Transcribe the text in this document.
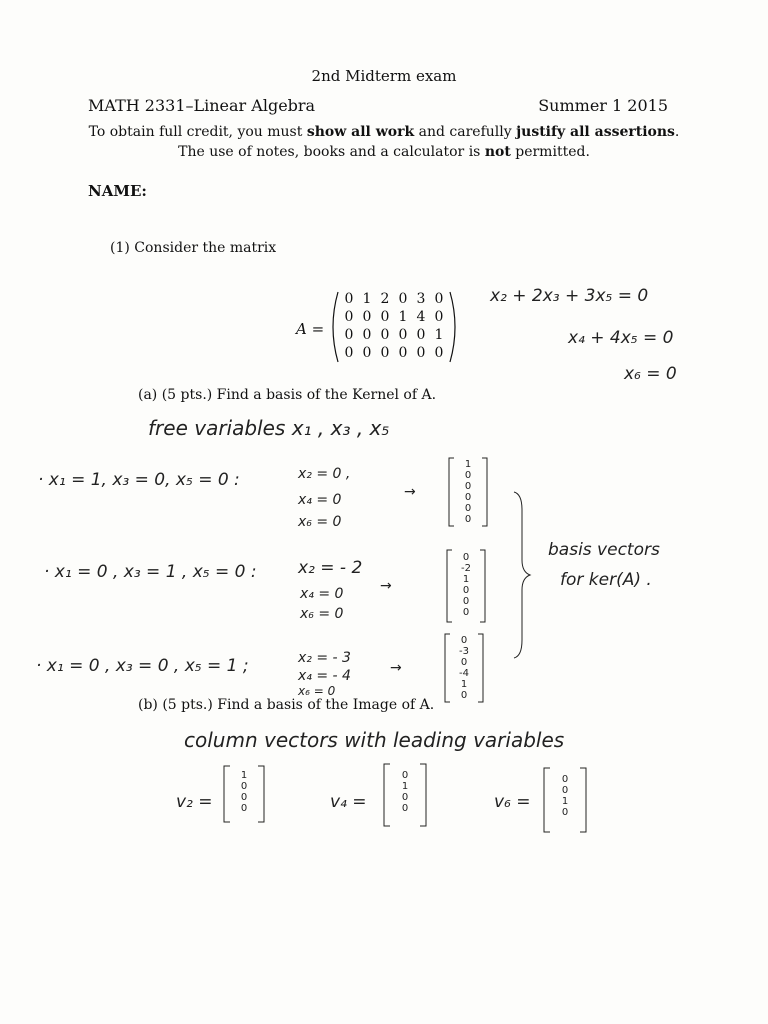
2nd Midterm exam
MATH 2331–Linear Algebra	Summer 1 2015
To obtain full credit, you must show all work and carefully justify all assertions.
The use of notes, books and a calculator is not permitted.
NAME:
(1) Consider the matrix
A =
0 1 2 0 3 0
0 0 0 1 4 0
0 0 0 0 0 1
0 0 0 0 0 0
x₂ + 2x₃ + 3x₅ = 0
x₄ + 4x₅ = 0
x₆ = 0
(a) (5 pts.) Find a basis of the Kernel of A.
free variables x₁ , x₃ , x₅
· x₁ = 1, x₃ = 0, x₅ = 0 :	x₂ = 0 ,
x₄ = 0
x₆ = 0
→
1
0
0
0
0
0
· x₁ = 0 , x₃ = 1 , x₅ = 0 : x₂ = - 2
x₄ = 0
x₆ = 0
→
0
-2
1
0
0
0
· x₁ = 0 , x₃ = 0 , x₅ = 1 ;	x₂ = - 3
x₄ = - 4
x₆ = 0
→
0
-3
0
-4
1
0
basis vectors
for ker(A) .
(b) (5 pts.) Find a basis of the Image of A.
column vectors with leading variables
v₂ =
1
0
0
0	v₄ =
0
1
0
0	v₆ =
0
0
1
0
